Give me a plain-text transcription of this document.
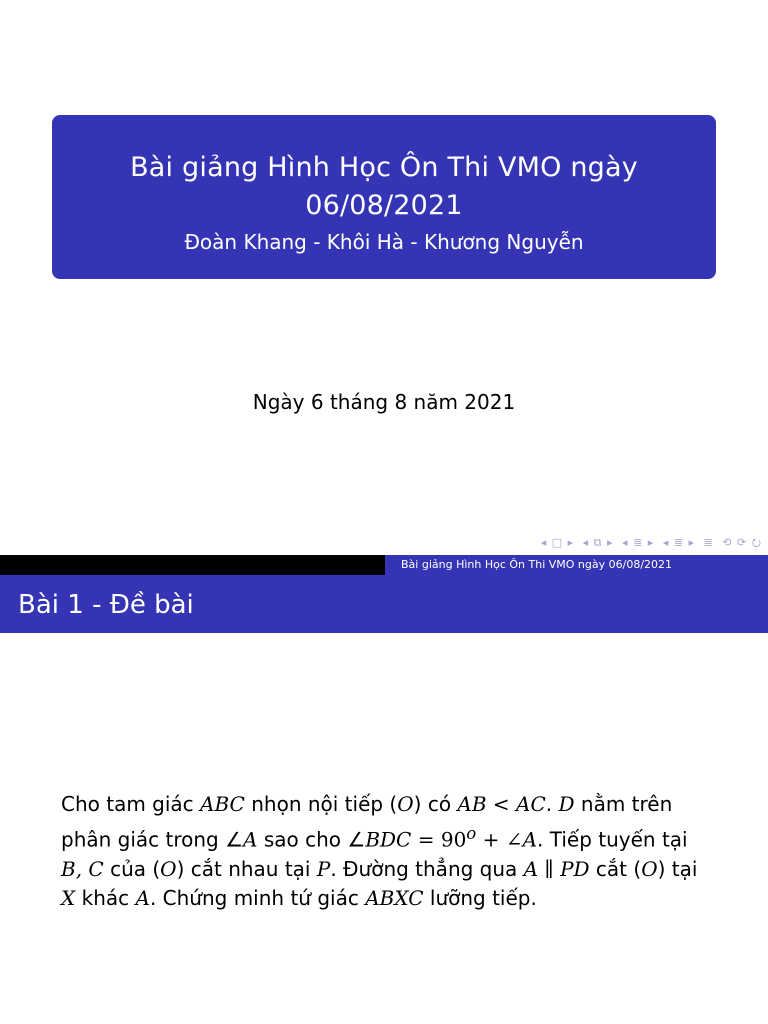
Bài giảng Hình Học Ôn Thi VMO ngày
06/08/2021
Đoàn Khang - Khôi Hà - Khương Nguyễn
Ngày 6 tháng 8 năm 2021
◂ □ ▸ ◂ ⧉ ▸ ◂ ≣ ▸ ◂ ≣ ▸ ≣ ⟲ ⟳ ⭮
Bài giảng Hình Học Ôn Thi VMO ngày 06/08/2021
Bài 1 - Đề bài
Cho tam giác ABC nhọn nội tiếp (O) có AB < AC. D nằm trên phân giác trong ∠A sao cho ∠BDC = $90^o$ + ∠A. Tiếp tuyến tại B, C của (O) cắt nhau tại P. Đường thẳng qua A ∥ PD cắt (O) tại X khác A. Chứng minh tứ giác ABXC lưỡng tiếp.
